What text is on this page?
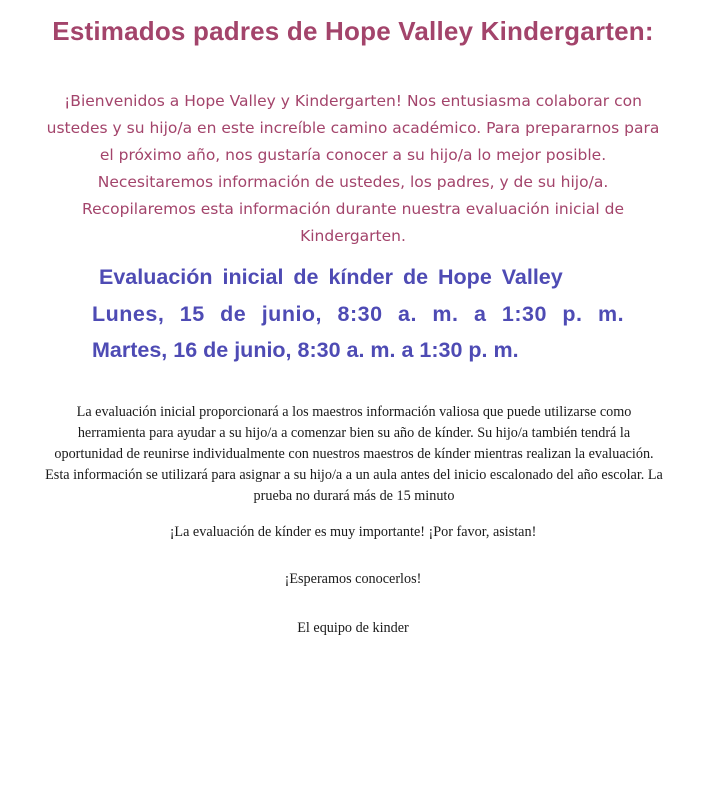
Estimados padres de Hope Valley Kindergarten:

¡Bienvenidos a Hope Valley y Kindergarten! Nos entusiasma colaborar con ustedes y su hijo/a en este increíble camino académico. Para prepararnos para el próximo año, nos gustaría conocer a su hijo/a lo mejor posible. Necesitaremos información de ustedes, los padres, y de su hijo/a. Recopilaremos esta información durante nuestra evaluación inicial de Kindergarten.

Evaluación inicial de kínder de Hope Valley

Lunes, 15 de junio, 8:30 a. m. a 1:30 p. m.

Martes, 16 de junio, 8:30 a. m. a 1:30 p. m.

La evaluación inicial proporcionará a los maestros información valiosa que puede utilizarse como herramienta para ayudar a su hijo/a a comenzar bien su año de kínder. Su hijo/a también tendrá la oportunidad de reunirse individualmente con nuestros maestros de kínder mientras realizan la evaluación. Esta información se utilizará para asignar a su hijo/a a un aula antes del inicio escalonado del año escolar. La prueba no durará más de 15 minuto

¡La evaluación de kínder es muy importante! ¡Por favor, asistan!

¡Esperamos conocerlos!

El equipo de kinder
